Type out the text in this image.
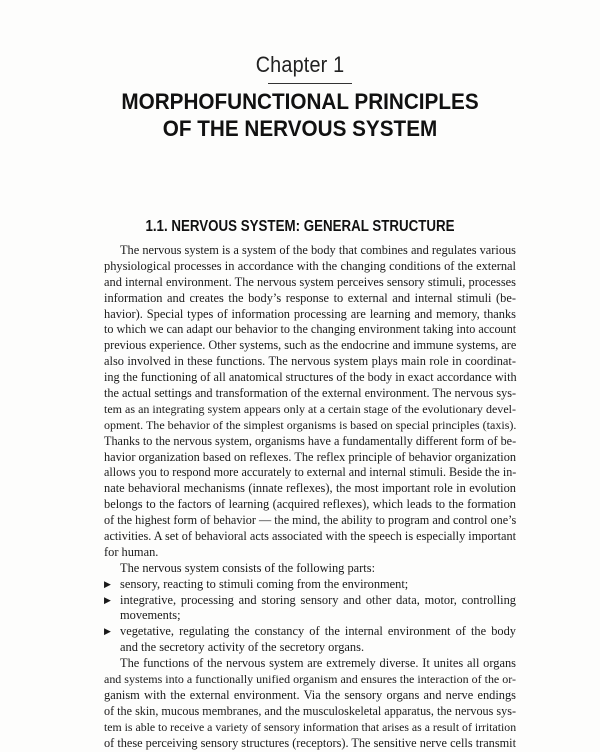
Chapter 1
MORPHOFUNCTIONAL PRINCIPLES
OF THE NERVOUS SYSTEM
1.1. NERVOUS SYSTEM: GENERAL STRUCTURE
The nervous system is a system of the body that combines and regulates various
physiological processes in accordance with the changing conditions of the external
and internal environment. The nervous system perceives sensory stimuli, processes
information and creates the body’s response to external and internal stimuli (be-
havior). Special types of information processing are learning and memory, thanks
to which we can adapt our behavior to the changing environment taking into account
previous experience. Other systems, such as the endocrine and immune systems, are
also involved in these functions. The nervous system plays main role in coordinat-
ing the functioning of all anatomical structures of the body in exact accordance with
the actual settings and transformation of the external environment. The nervous sys-
tem as an integrating system appears only at a certain stage of the evolutionary devel-
opment. The behavior of the simplest organisms is based on special principles (taxis).
Thanks to the nervous system, organisms have a fundamentally different form of be-
havior organization based on reflexes. The reflex principle of behavior organization
allows you to respond more accurately to external and internal stimuli. Beside the in-
nate behavioral mechanisms (innate reflexes), the most important role in evolution
belongs to the factors of learning (acquired reflexes), which leads to the formation
of the highest form of behavior — the mind, the ability to program and control one’s
activities. A set of behavioral acts associated with the speech is especially important
for human.
The nervous system consists of the following parts:
▶ sensory, reacting to stimuli coming from the environment;
▶ integrative, processing and storing sensory and other data, motor, controlling
movements;
▶ vegetative, regulating the constancy of the internal environment of the body
and the secretory activity of the secretory organs.
The functions of the nervous system are extremely diverse. It unites all organs
and systems into a functionally unified organism and ensures the interaction of the or-
ganism with the external environment. Via the sensory organs and nerve endings
of the skin, mucous membranes, and the musculoskeletal apparatus, the nervous sys-
tem is able to receive a variety of sensory information that arises as a result of irritation
of these perceiving sensory structures (receptors). The sensitive nerve cells transmit
